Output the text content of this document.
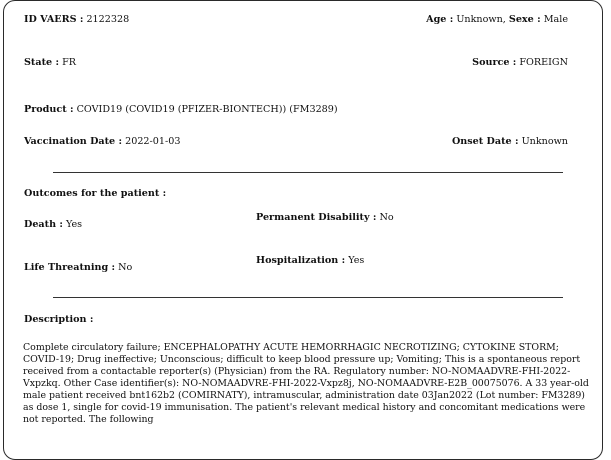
ID VAERS : 2122328	Age : Unknown, Sexe : Male
State : FR	Source : FOREIGN
Product : COVID19 (COVID19 (PFIZER-BIONTECH)) (FM3289)
Vaccination Date : 2022-01-03	Onset Date : Unknown
Outcomes for the patient :
Death : Yes
Permanent Disability : No
Life Threatning : No
Hospitalization : Yes
Description :
Complete circulatory failure; ENCEPHALOPATHY ACUTE HEMORRHAGIC NECROTIZING; CYTOKINE STORM; COVID-19; Drug ineffective; Unconscious; difficult to keep blood pressure up; Vomiting; This is a spontaneous report received from a contactable reporter(s) (Physician) from the RA. Regulatory number: NO-NOMAADVRE-FHI-2022-Vxpzkq. Other Case identifier(s): NO-NOMAADVRE-FHI-2022-Vxpz8j, NO-NOMAADVRE-E2B_00075076. A 33 year-old male patient received bnt162b2 (COMIRNATY), intramuscular, administration date 03Jan2022 (Lot number: FM3289) as dose 1, single for covid-19 immunisation. The patient's relevant medical history and concomitant medications were not reported. The following
